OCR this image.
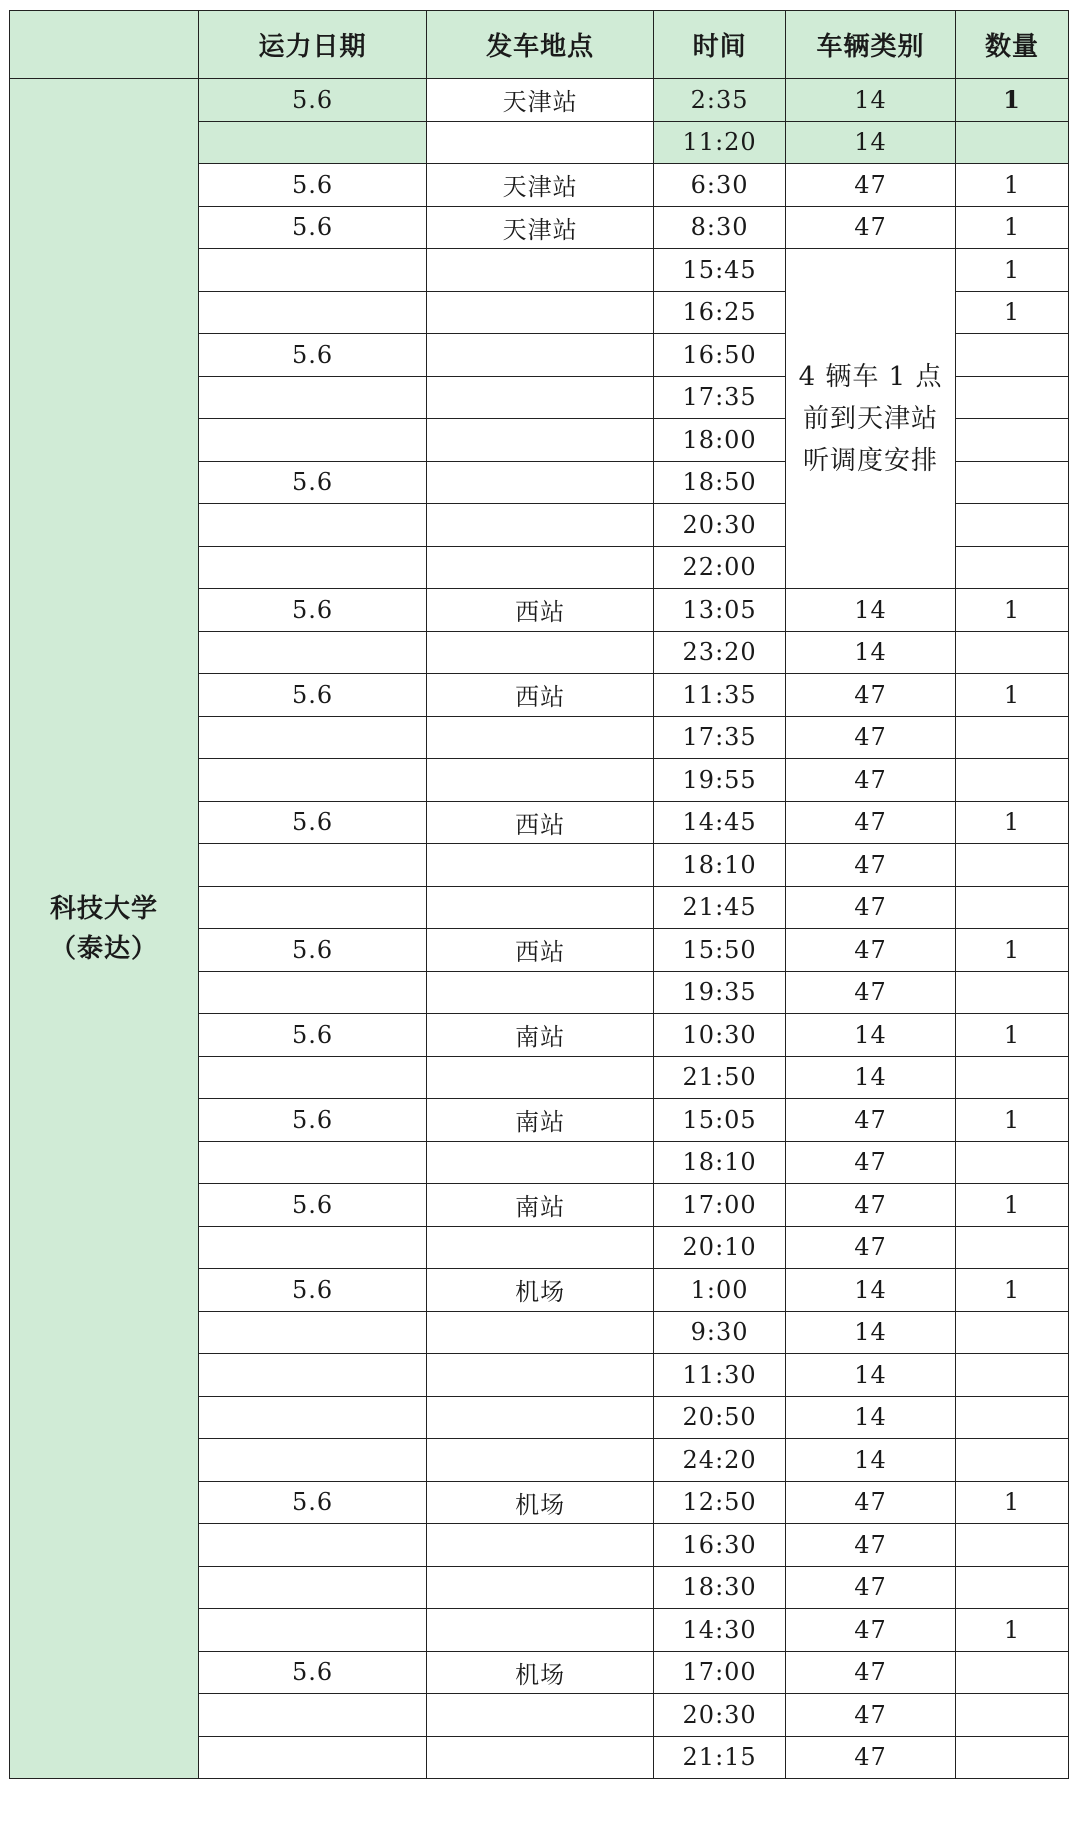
	运力日期	发车地点	时间	车辆类别	数量

科技大学
（泰达）	5.6	天津站	2:35	14	1
			11:20	14	
	5.6	天津站	6:30	47	1
	5.6	天津站	8:30	47	1
			15:45	4 辆车 1 点前到天津站听调度安排	1
			16:25		1
	5.6		16:50		
			17:35		
			18:00		
	5.6		18:50		
			20:30		
			22:00		
	5.6	西站	13:05	14	1
			23:20	14	
	5.6	西站	11:35	47	1
			17:35	47	
			19:55	47	
	5.6	西站	14:45	47	1
			18:10	47	
			21:45	47	
	5.6	西站	15:50	47	1
			19:35	47	
	5.6	南站	10:30	14	1
			21:50	14	
	5.6	南站	15:05	47	1
			18:10	47	
	5.6	南站	17:00	47	1
			20:10	47	
	5.6	机场	1:00	14	1
			9:30	14	
			11:30	14	
			20:50	14	
			24:20	14	
	5.6	机场	12:50	47	1
			16:30	47	
			18:30	47	
			14:30	47	1
	5.6	机场	17:00	47	
			20:30	47	
			21:15	47	
